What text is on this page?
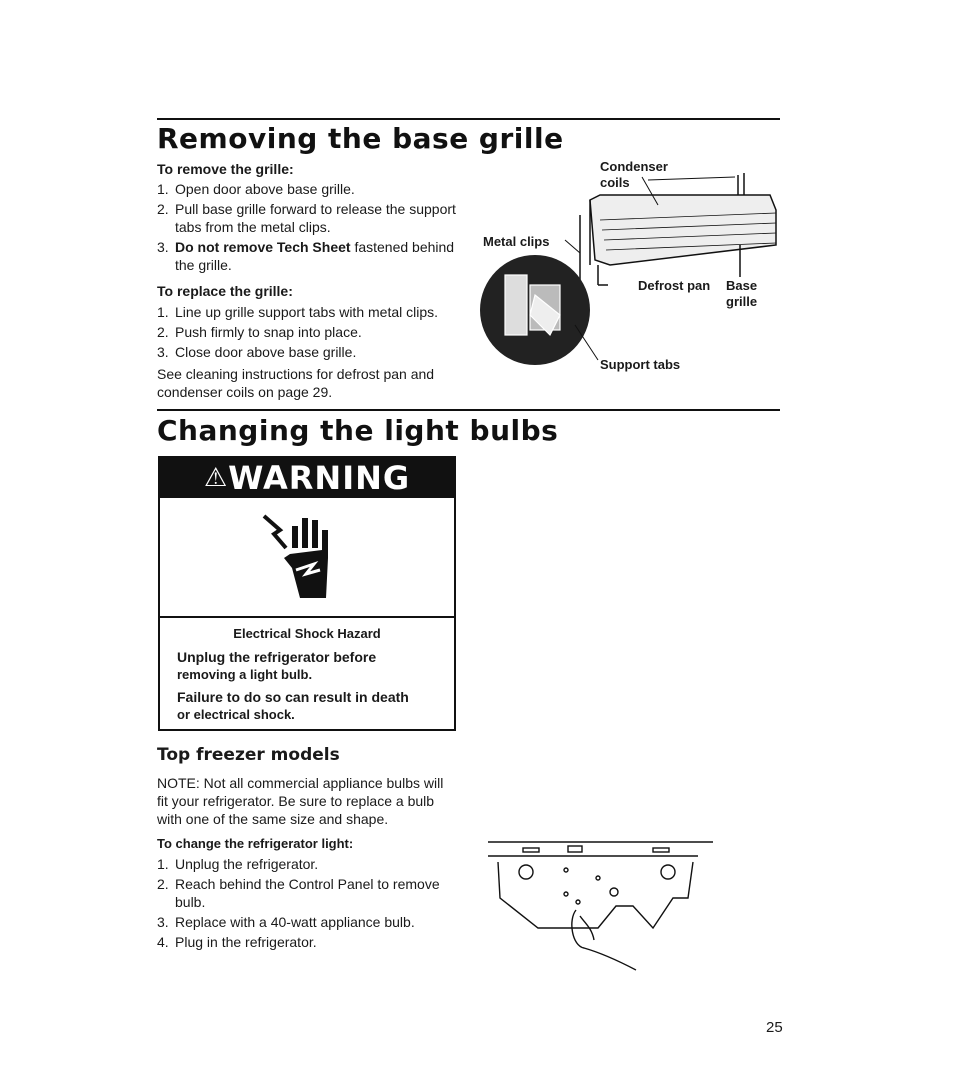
Removing the base grille
To remove the grille:
1. Open door above base grille.
2. Pull base grille forward to release the support tabs from the metal clips.
3. Do not remove Tech Sheet fastened behind the grille.
To replace the grille:
1. Line up grille support tabs with metal clips.
2. Push firmly to snap into place.
3. Close door above base grille.
See cleaning instructions for defrost pan and condenser coils on page 29.
Condenser coils
Metal clips
Defrost pan Base grille
Support tabs
Changing the light bulbs
⚠WARNING
Electrical Shock Hazard
Unplug the refrigerator before
removing a light bulb.
Failure to do so can result in death
or electrical shock.
Top freezer models
NOTE: Not all commercial appliance bulbs will fit your refrigerator. Be sure to replace a bulb with one of the same size and shape.
To change the refrigerator light:
1. Unplug the refrigerator.
2. Reach behind the Control Panel to remove bulb.
3. Replace with a 40-watt appliance bulb.
4. Plug in the refrigerator.
25
